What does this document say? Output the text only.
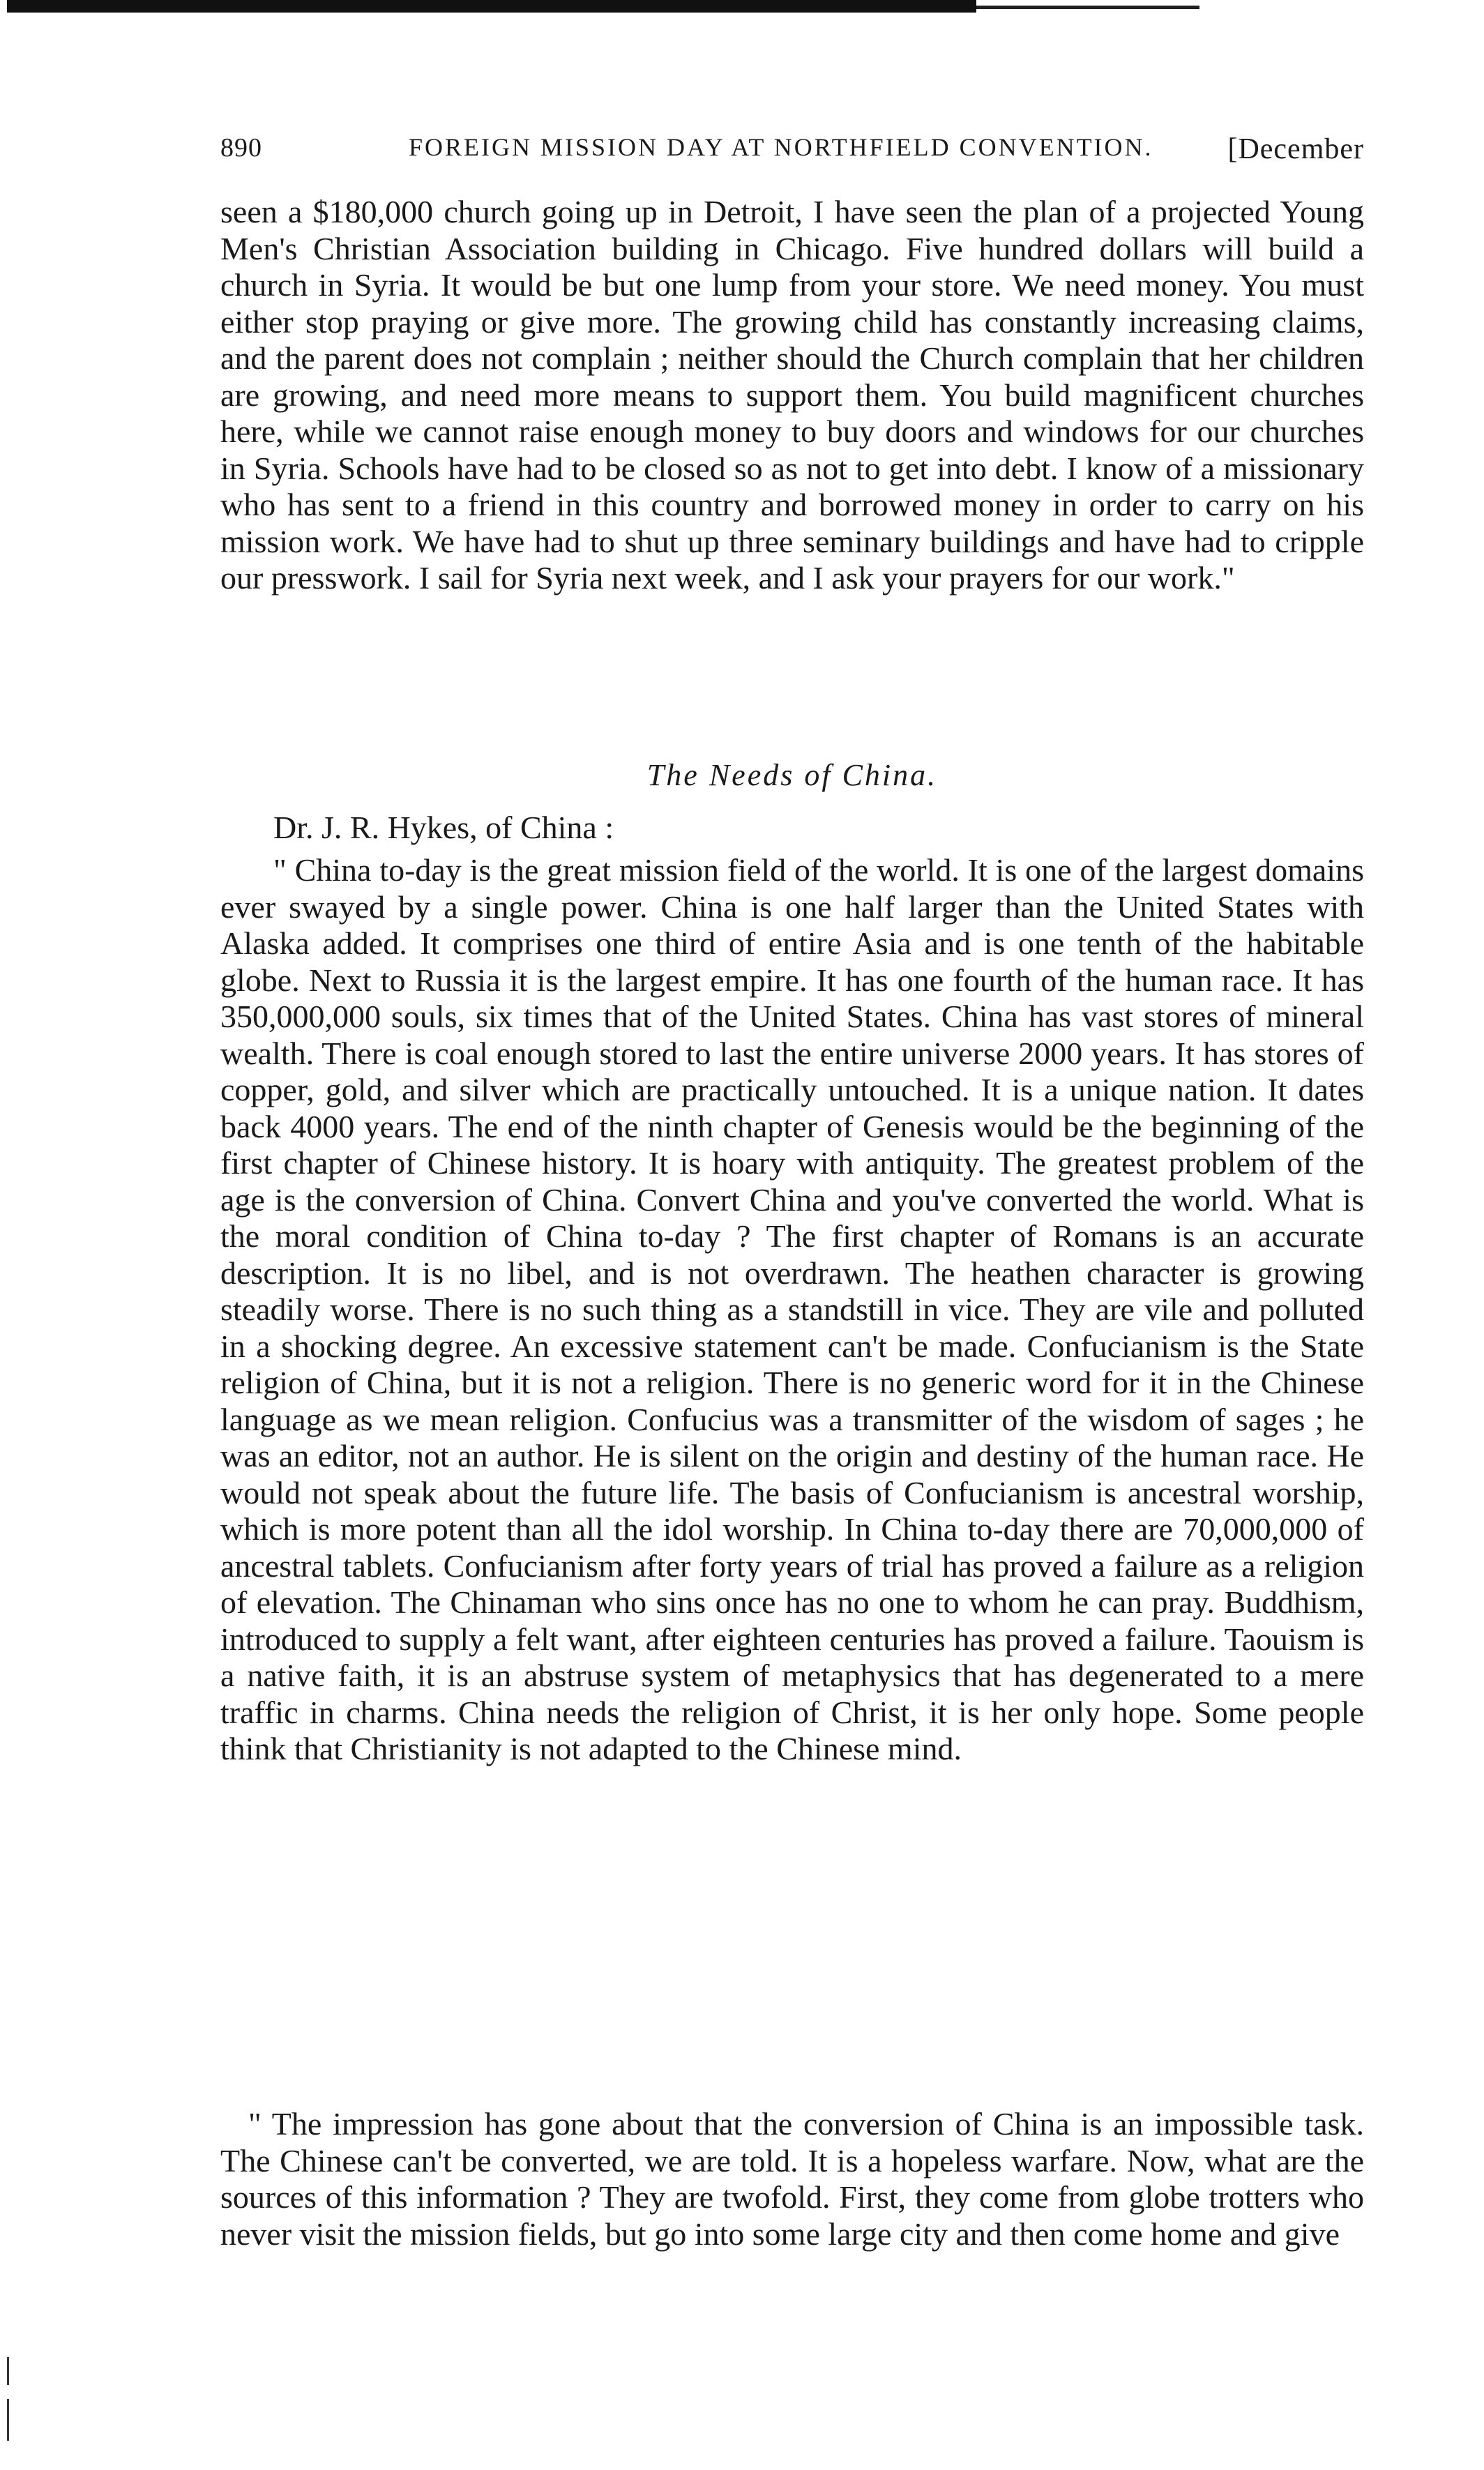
890	FOREIGN MISSION DAY AT NORTHFIELD CONVENTION.	[December

seen a $180,000 church going up in Detroit, I have seen the plan of a projected Young Men's Christian Association building in Chicago. Five hundred dollars will build a church in Syria. It would be but one lump from your store. We need money. You must either stop praying or give more. The growing child has constantly increasing claims, and the parent does not complain ; neither should the Church complain that her children are growing, and need more means to support them. You build magnificent churches here, while we cannot raise enough money to buy doors and windows for our churches in Syria. Schools have had to be closed so as not to get into debt. I know of a missionary who has sent to a friend in this country and borrowed money in order to carry on his mission work. We have had to shut up three seminary buildings and have had to cripple our presswork. I sail for Syria next week, and I ask your prayers for our work."

The Needs of China.

Dr. J. R. Hykes, of China :

" China to-day is the great mission field of the world. It is one of the largest domains ever swayed by a single power. China is one half larger than the United States with Alaska added. It comprises one third of entire Asia and is one tenth of the habitable globe. Next to Russia it is the largest empire. It has one fourth of the human race. It has 350,000,000 souls, six times that of the United States. China has vast stores of mineral wealth. There is coal enough stored to last the entire universe 2000 years. It has stores of copper, gold, and silver which are practically untouched. It is a unique nation. It dates back 4000 years. The end of the ninth chapter of Genesis would be the beginning of the first chapter of Chinese history. It is hoary with antiquity. The greatest problem of the age is the conversion of China. Convert China and you've converted the world. What is the moral condition of China to-day ? The first chapter of Romans is an accurate description. It is no libel, and is not overdrawn. The heathen character is growing steadily worse. There is no such thing as a standstill in vice. They are vile and polluted in a shocking degree. An excessive statement can't be made. Confucianism is the State religion of China, but it is not a religion. There is no generic word for it in the Chinese language as we mean religion. Confucius was a transmitter of the wisdom of sages ; he was an editor, not an author. He is silent on the origin and destiny of the human race. He would not speak about the future life. The basis of Confucianism is ancestral worship, which is more potent than all the idol worship. In China to-day there are 70,000,000 of ancestral tablets. Confucianism after forty years of trial has proved a failure as a religion of elevation. The Chinaman who sins once has no one to whom he can pray. Buddhism, introduced to supply a felt want, after eighteen centuries has proved a failure. Taouism is a native faith, it is an abstruse system of metaphysics that has degenerated to a mere traffic in charms. China needs the religion of Christ, it is her only hope. Some people think that Christianity is not adapted to the Chinese mind.

" The impression has gone about that the conversion of China is an impossible task. The Chinese can't be converted, we are told. It is a hopeless warfare. Now, what are the sources of this information ? They are twofold. First, they come from globe trotters who never visit the mission fields, but go into some large city and then come home and give
